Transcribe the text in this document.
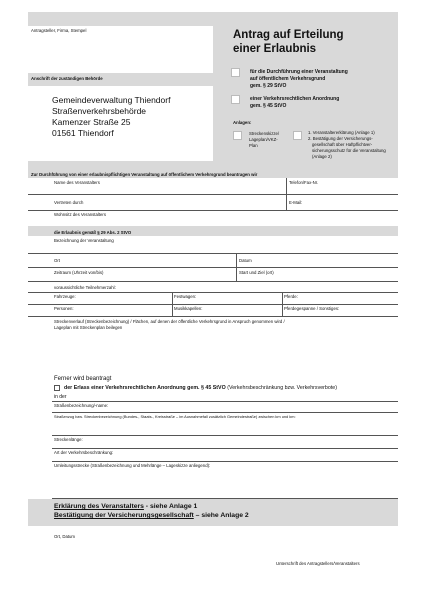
Antragsteller, Firma, Stempel	Antrag auf Erteilung
einer Erlaubnis
Anschrift der zuständigen Behörde
für die Durchführung einer Veranstaltung
auf öffentlichem Verkehrsgrund
gem. § 29 StVO
einer Verkehrsrechtlichen Anordnung
gem. § 45 StVO
Gemeindeverwaltung Thiendorf
Straßenverkehrsbehörde
Kamenzer Straße 25
01561 Thiendorf
Anlagen:
Streckenskizze/
Lageplan/VKZ-
Plan
1. Veranstaltererklärung (Anlage 1)
2. Bestätigung der Versicherungs-
gesellschaft über Haftpflichtver-
sicherungsschutz für die Veranstaltung
(Anlage 2)
Zur Durchführung von einer erlaubnispflichtigen Veranstaltung auf öffentlichem Verkehrsgrund beantragen wir
Name des Veranstalters	Telefon/Fax-Nr.
Vertreten durch	E-Mail:
Wohnsitz des Veranstalters
die Erlaubnis gemäß § 29 Abs. 2 StVO
Bezeichnung der Veranstaltung
Ort	Datum
Zeitraum (Uhrzeit von/bis)	Start und Ziel (ort)
voraussichtliche Teilnehmerzahl:
Fahrzeuge:	Festwagen:	Pferde:
Personen:	Musikkapellen:	Pferdegespanne / Sonstiges:
Streckenverlauf (Streckenbezeichnung) / Flächen, auf denen der öffentliche Verkehrsgrund in Anspruch genommen wird /
Lageplan mit Streckenplan beilegen
Ferner wird beantragt
der Erlass einer Verkehrsrechtlichen Anordnung gem. § 45 StVO (Verkehrsbeschränkung bzw. Verkehrsverbote)
in der
Straßenbezeichnung/-name:
Straßenzug bzw. Streckenbezeichnung (Bundes-, Staats-, Kreisstraße – im Ausnahmefall zusätzlich Gemeindestraße) zwischen km und km:
Streckenlänge:
Art der Verkehrsbeschränkung:
Umleitungsstrecke (Straßenbezeichnung und Mehrlänge – Lageskizze anliegend):
Erklärung des Veranstalters - siehe Anlage 1
Bestätigung der Versicherungsgesellschaft – siehe Anlage 2
Ort, Datum
Unterschrift des Antragstellers/Veranstalters
